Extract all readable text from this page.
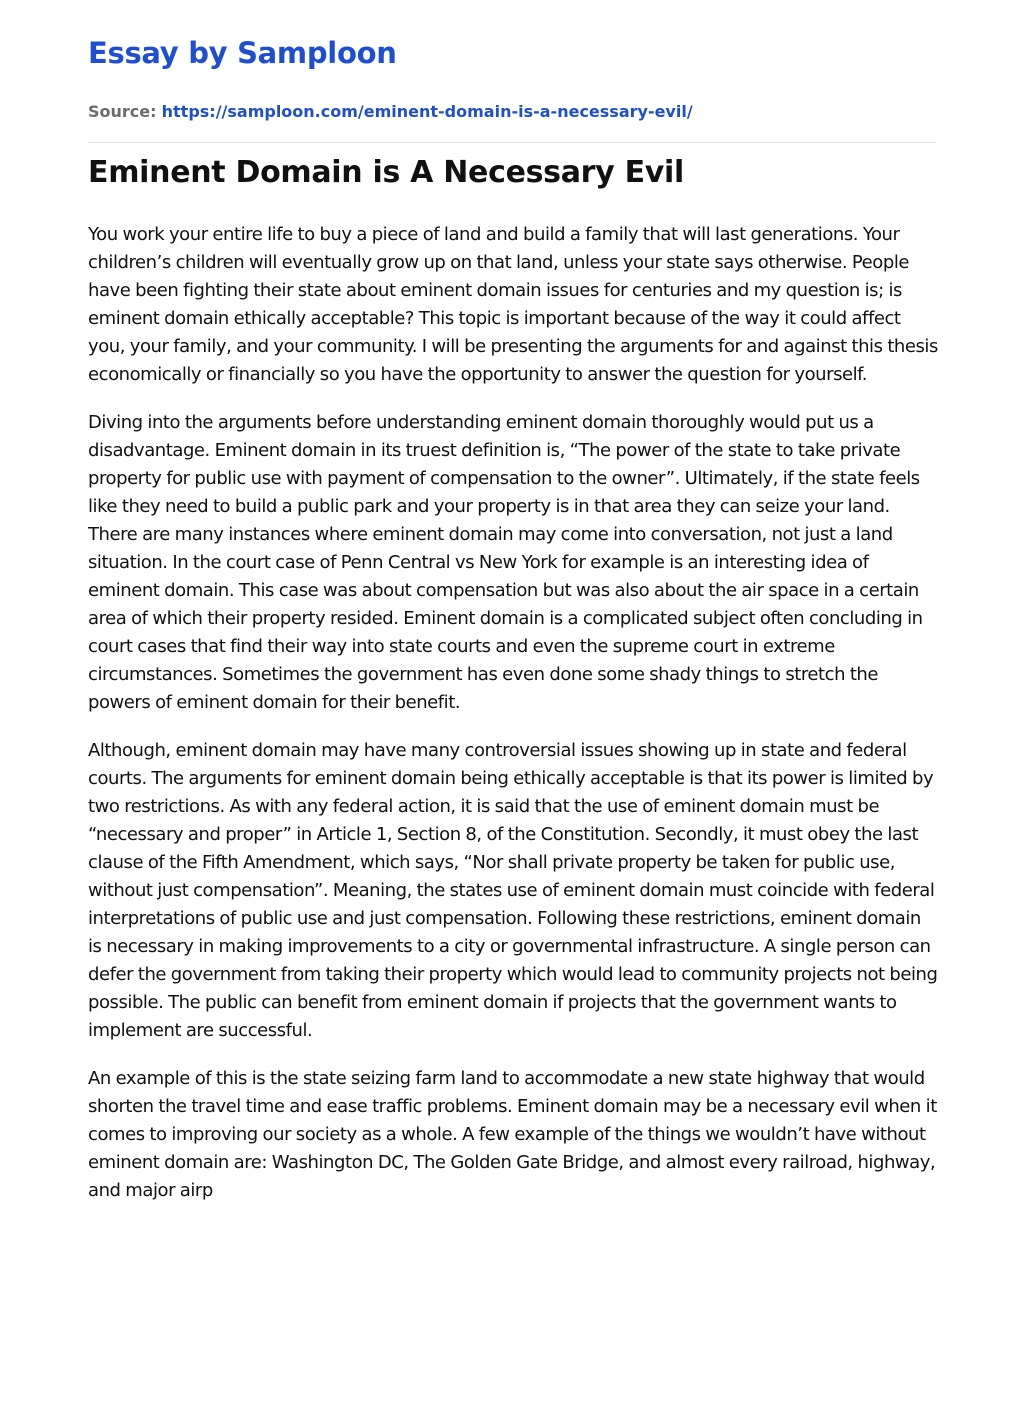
Essay by Samploon
Source: https://samploon.com/eminent-domain-is-a-necessary-evil/
Eminent Domain is A Necessary Evil

You work your entire life to buy a piece of land and build a family that will last generations. Your children’s children will eventually grow up on that land, unless your state says otherwise. People have been fighting their state about eminent domain issues for centuries and my question is; is eminent domain ethically acceptable? This topic is important because of the way it could affect you, your family, and your community. I will be presenting the arguments for and against this thesis economically or financially so you have the opportunity to answer the question for yourself.

Diving into the arguments before understanding eminent domain thoroughly would put us a disadvantage. Eminent domain in its truest definition is, “The power of the state to take private property for public use with payment of compensation to the owner”. Ultimately, if the state feels like they need to build a public park and your property is in that area they can seize your land. There are many instances where eminent domain may come into conversation, not just a land situation. In the court case of Penn Central vs New York for example is an interesting idea of eminent domain. This case was about compensation but was also about the air space in a certain area of which their property resided. Eminent domain is a complicated subject often concluding in court cases that find their way into state courts and even the supreme court in extreme circumstances. Sometimes the government has even done some shady things to stretch the powers of eminent domain for their benefit.

Although, eminent domain may have many controversial issues showing up in state and federal courts. The arguments for eminent domain being ethically acceptable is that its power is limited by two restrictions. As with any federal action, it is said that the use of eminent domain must be “necessary and proper” in Article 1, Section 8, of the Constitution. Secondly, it must obey the last clause of the Fifth Amendment, which says, “Nor shall private property be taken for public use, without just compensation”. Meaning, the states use of eminent domain must coincide with federal interpretations of public use and just compensation. Following these restrictions, eminent domain is necessary in making improvements to a city or governmental infrastructure. A single person can defer the government from taking their property which would lead to community projects not being possible. The public can benefit from eminent domain if projects that the government wants to implement are successful.

An example of this is the state seizing farm land to accommodate a new state highway that would shorten the travel time and ease traffic problems. Eminent domain may be a necessary evil when it comes to improving our society as a whole. A few example of the things we wouldn’t have without eminent domain are: Washington DC, The Golden Gate Bridge, and almost every railroad, highway, and major airp
